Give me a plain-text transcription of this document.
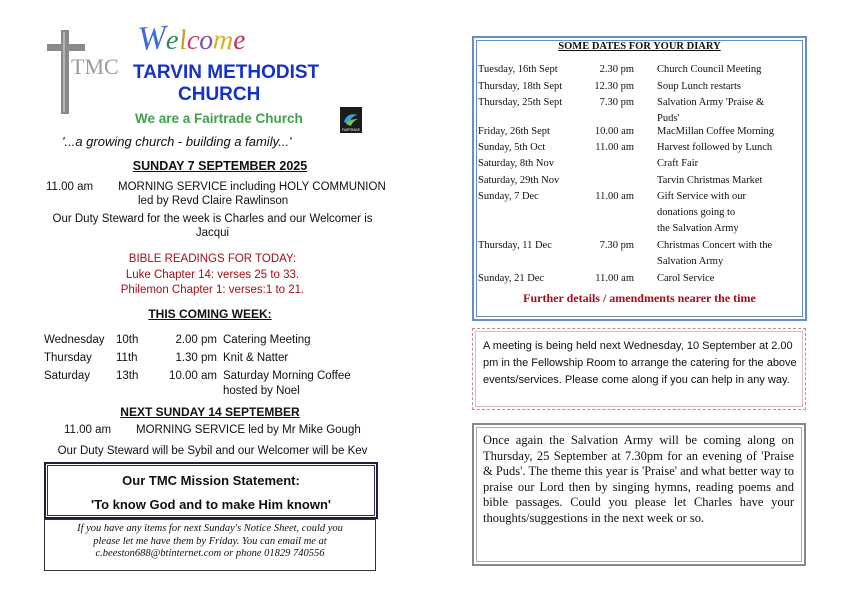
TMC
Welcome
TARVIN METHODIST
CHURCH
We are a Fairtrade Church
FAIRTRADE
'...a growing church - building a family...'
SUNDAY 7 SEPTEMBER 2025
11.00 am MORNING SERVICE including HOLY COMMUNION
led by Revd Claire Rawlinson
Our Duty Steward for the week is Charles and our Welcomer is Jacqui
BIBLE READINGS FOR TODAY:
Luke Chapter 14: verses 25 to 33.
Philemon Chapter 1: verses:1 to 21.
THIS COMING WEEK:
Wednesday 10th	2.00 pm Catering Meeting
Thursday 11th	1.30 pm Knit & Natter
Saturday 13th	10.00 am Saturday Morning Coffee
hosted by Noel
NEXT SUNDAY 14 SEPTEMBER
11.00 am MORNING SERVICE led by Mr Mike Gough
Our Duty Steward will be Sybil and our Welcomer will be Kev
Our TMC Mission Statement:
'To know God and to make Him known'
If you have any items for next Sunday's Notice Sheet, could you
please let me have them by Friday. You can email me at
c.beeston688@btinternet.com or phone 01829 740556
SOME DATES FOR YOUR DIARY
Tuesday, 16th Sept	2.30 pm Church Council Meeting
Thursday, 18th Sept	12.30 pm Soup Lunch restarts
Thursday, 25th Sept	7.30 pm Salvation Army 'Praise &
Puds'
Friday, 26th Sept	10.00 am MacMillan Coffee Morning
Sunday, 5th Oct	11.00 am Harvest followed by Lunch
Saturday, 8th Nov	Craft Fair
Saturday, 29th Nov	Tarvin Christmas Market
Sunday, 7 Dec	11.00 am Gift Service with our
donations going to
the Salvation Army
Thursday, 11 Dec	7.30 pm Christmas Concert with the
Salvation Army
Sunday, 21 Dec	11.00 am Carol Service
Further details / amendments nearer the time
A meeting is being held next Wednesday, 10 September at 2.00 pm in the Fellowship Room to arrange the catering for the above events/services. Please come along if you can help in any way.
Once again the Salvation Army will be coming along on Thursday, 25 September at 7.30pm for an evening of 'Praise & Puds'. The theme this year is 'Praise' and what better way to praise our Lord then by singing hymns, reading poems and bible passages. Could you please let Charles have your thoughts/suggestions in the next week or so.
